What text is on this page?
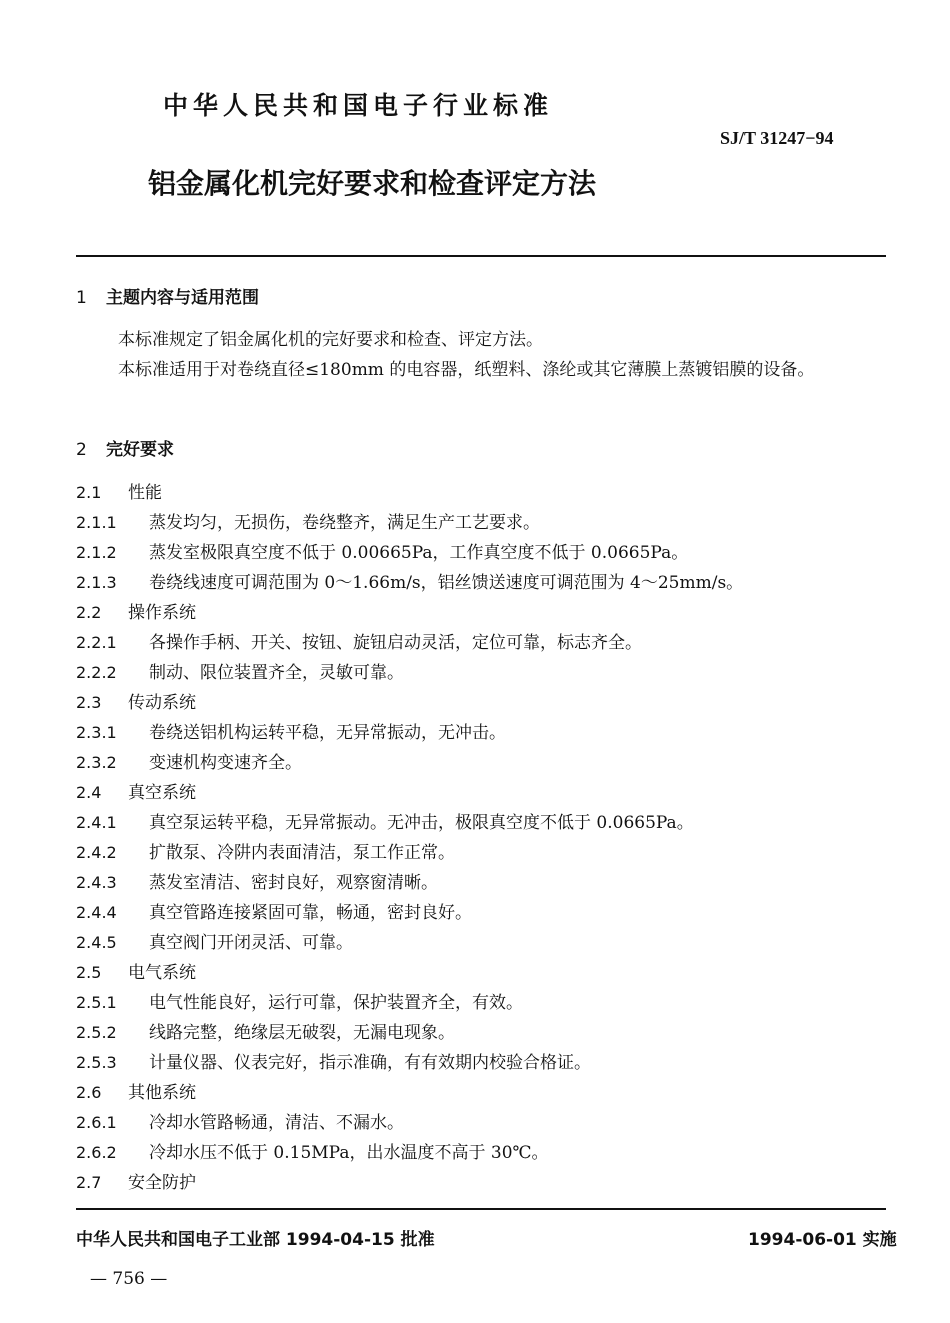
中华人民共和国电子行业标准
SJ/T 31247−94
铝金属化机完好要求和检查评定方法
1 主题内容与适用范围
本标准规定了铝金属化机的完好要求和检查、评定方法。
本标准适用于对卷绕直径≤180mm 的电容器，纸塑料、涤纶或其它薄膜上蒸镀铝膜的设备。
2 完好要求
2.1 性能
2.1.1 蒸发均匀，无损伤，卷绕整齐，满足生产工艺要求。
2.1.2 蒸发室极限真空度不低于 0.00665Pa，工作真空度不低于 0.0665Pa。
2.1.3 卷绕线速度可调范围为 0～1.66m/s，铝丝馈送速度可调范围为 4～25mm/s。
2.2 操作系统
2.2.1 各操作手柄、开关、按钮、旋钮启动灵活，定位可靠，标志齐全。
2.2.2 制动、限位装置齐全，灵敏可靠。
2.3 传动系统
2.3.1 卷绕送铝机构运转平稳，无异常振动，无冲击。
2.3.2 变速机构变速齐全。
2.4 真空系统
2.4.1 真空泵运转平稳，无异常振动。无冲击，极限真空度不低于 0.0665Pa。
2.4.2 扩散泵、冷阱内表面清洁，泵工作正常。
2.4.3 蒸发室清洁、密封良好，观察窗清晰。
2.4.4 真空管路连接紧固可靠，畅通，密封良好。
2.4.5 真空阀门开闭灵活、可靠。
2.5 电气系统
2.5.1 电气性能良好，运行可靠，保护装置齐全，有效。
2.5.2 线路完整，绝缘层无破裂，无漏电现象。
2.5.3 计量仪器、仪表完好，指示准确，有有效期内校验合格证。
2.6 其他系统
2.6.1 冷却水管路畅通，清洁、不漏水。
2.6.2 冷却水压不低于 0.15MPa，出水温度不高于 30℃。
2.7 安全防护
中华人民共和国电子工业部 1994-04-15 批准	1994-06-01 实施
— 756 —
